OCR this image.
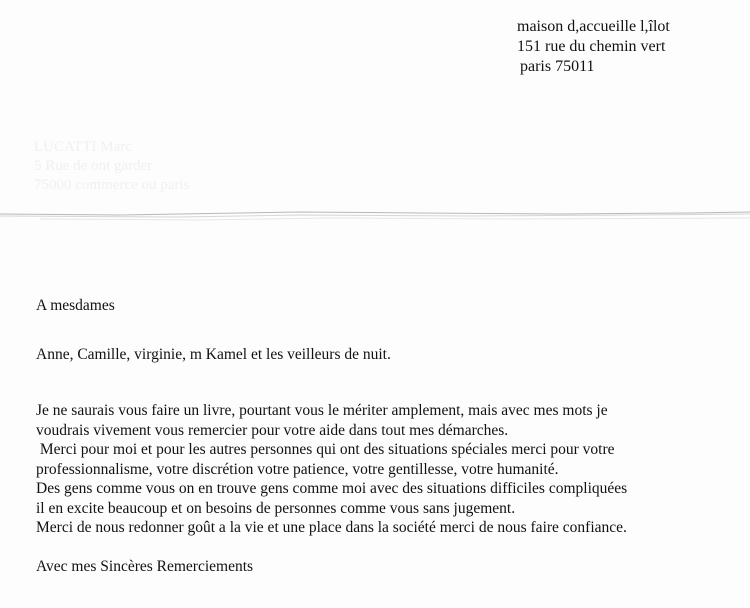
maison d,accueille l,îlot
151 rue du chemin vert
paris 75011
LUCATTI Marc
5 Rue de ont garder
75000 commerce ou paris
A mesdames
Anne, Camille, virginie, m Kamel et les veilleurs de nuit.
Je ne saurais vous faire un livre, pourtant vous le mériter amplement, mais avec mes mots je
voudrais vivement vous remercier pour votre aide dans tout mes démarches.
Merci pour moi et pour les autres personnes qui ont des situations spéciales merci pour votre
professionnalisme, votre discrétion votre patience, votre gentillesse, votre humanité.
Des gens comme vous on en trouve gens comme moi avec des situations difficiles compliquées
il en excite beaucoup et on besoins de personnes comme vous sans jugement.
Merci de nous redonner goût a la vie et une place dans la société merci de nous faire confiance.
Avec mes Sincères Remerciements
